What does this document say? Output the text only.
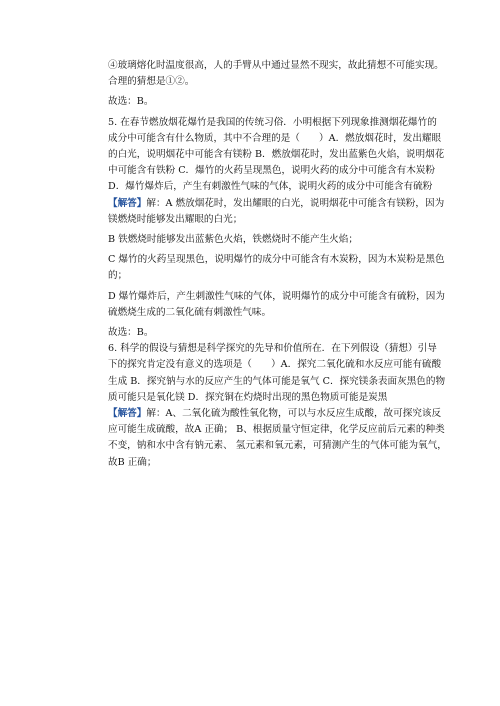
④玻璃熔化时温度很高，人的手臂从中通过显然不现实，故此猜想不可能实现。
合理的猜想是①②。
故选：B。
5. 在春节燃放烟花爆竹是我国的传统习俗．小明根据下列现象推测烟花爆竹的
成分中可能含有什么物质，其中不合理的是（　　）A．燃放烟花时，发出耀眼
的白光，说明烟花中可能含有镁粉 B．燃放烟花时，发出蓝紫色火焰，说明烟花
中可能含有铁粉 C．爆竹的火药呈现黑色，说明火药的成分中可能含有木炭粉
D．爆竹爆炸后，产生有刺激性气味的气体，说明火药的成分中可能含有硫粉
【解答】解：A 燃放烟花时，发出耀眼的白光，说明烟花中可能含有镁粉，因为
镁燃烧时能够发出耀眼的白光；
B 铁燃烧时能够发出蓝紫色火焰，铁燃烧时不能产生火焰；
C 爆竹的火药呈现黑色，说明爆竹的成分中可能含有木炭粉，因为木炭粉是黑色
的；
D 爆竹爆炸后，产生刺激性气味的气体，说明爆竹的成分中可能含有硫粉，因为
硫燃烧生成的二氧化硫有刺激性气味。
故选：B。
6. 科学的假设与猜想是科学探究的先导和价值所在．在下列假设（猜想）引导
下的探究肯定没有意义的选项是（　　）A．探究二氧化硫和水反应可能有硫酸
生成 B．探究钠与水的反应产生的气体可能是氧气 C．探究镁条表面灰黑色的物
质可能只是氧化镁 D．探究铜在灼烧时出现的黑色物质可能是炭黑
【解答】解：A、二氧化硫为酸性氧化物，可以与水反应生成酸，故可探究该反
应可能生成硫酸，故A 正确； B、根据质量守恒定律，化学反应前后元素的种类
不变，钠和水中含有钠元素、 氢元素和氧元素，可猜测产生的气体可能为氧气，
故B 正确；
